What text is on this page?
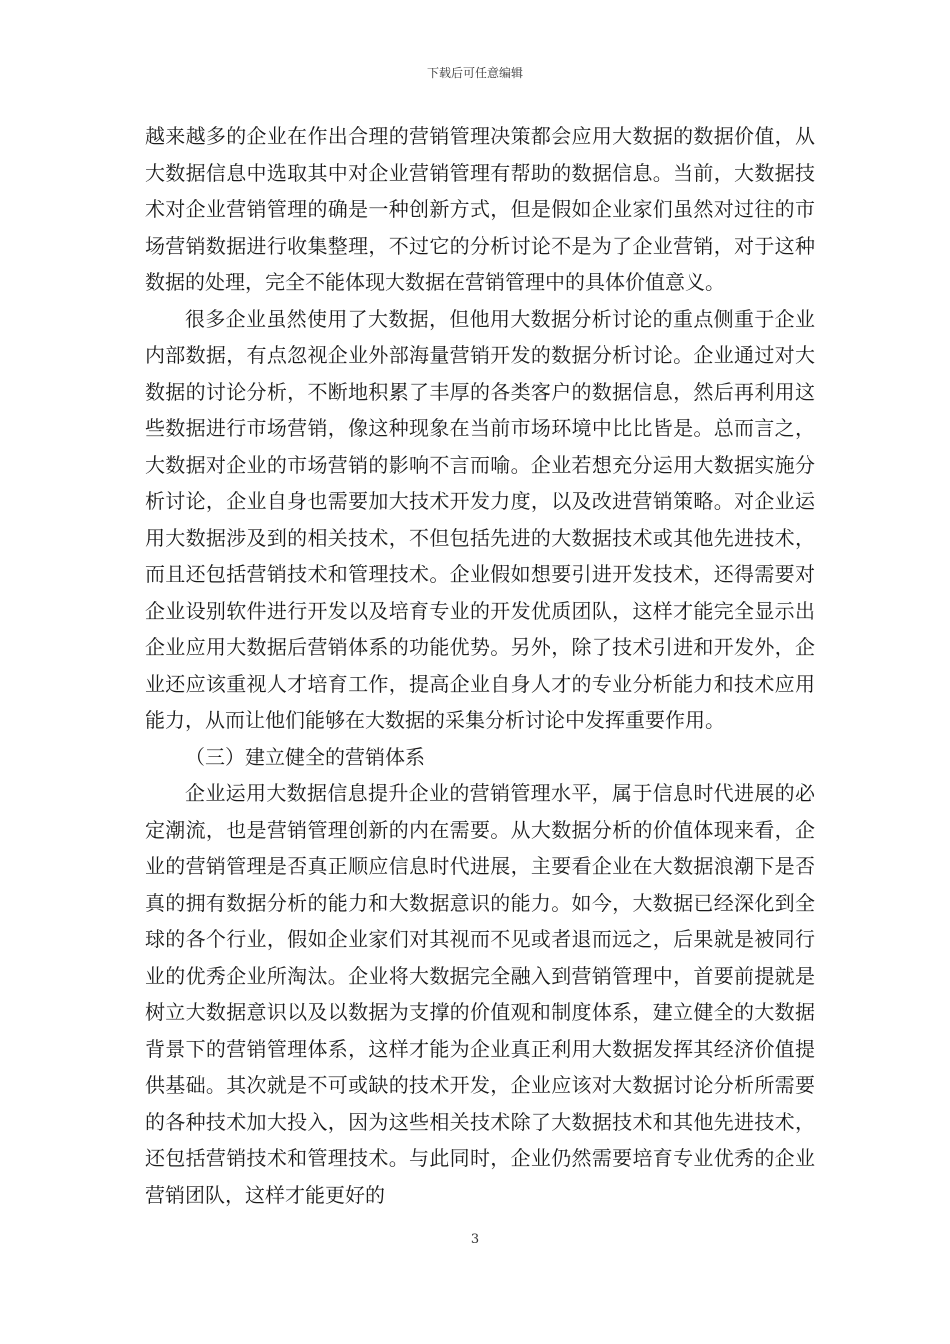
下载后可任意编辑

越来越多的企业在作出合理的营销管理决策都会应用大数据的数据价值，从大数据信息中选取其中对企业营销管理有帮助的数据信息。当前，大数据技术对企业营销管理的确是一种创新方式，但是假如企业家们虽然对过往的市场营销数据进行收集整理，不过它的分析讨论不是为了企业营销，对于这种数据的处理，完全不能体现大数据在营销管理中的具体价值意义。

很多企业虽然使用了大数据，但他用大数据分析讨论的重点侧重于企业内部数据，有点忽视企业外部海量营销开发的数据分析讨论。企业通过对大数据的讨论分析，不断地积累了丰厚的各类客户的数据信息，然后再利用这些数据进行市场营销，像这种现象在当前市场环境中比比皆是。总而言之，大数据对企业的市场营销的影响不言而喻。企业若想充分运用大数据实施分析讨论，企业自身也需要加大技术开发力度，以及改进营销策略。对企业运用大数据涉及到的相关技术，不但包括先进的大数据技术或其他先进技术，而且还包括营销技术和管理技术。企业假如想要引进开发技术，还得需要对企业设别软件进行开发以及培育专业的开发优质团队，这样才能完全显示出企业应用大数据后营销体系的功能优势。另外，除了技术引进和开发外，企业还应该重视人才培育工作，提高企业自身人才的专业分析能力和技术应用能力，从而让他们能够在大数据的采集分析讨论中发挥重要作用。

（三）建立健全的营销体系

企业运用大数据信息提升企业的营销管理水平，属于信息时代进展的必定潮流，也是营销管理创新的内在需要。从大数据分析的价值体现来看，企业的营销管理是否真正顺应信息时代进展，主要看企业在大数据浪潮下是否真的拥有数据分析的能力和大数据意识的能力。如今，大数据已经深化到全球的各个行业，假如企业家们对其视而不见或者退而远之，后果就是被同行业的优秀企业所淘汰。企业将大数据完全融入到营销管理中，首要前提就是树立大数据意识以及以数据为支撑的价值观和制度体系，建立健全的大数据背景下的营销管理体系，这样才能为企业真正利用大数据发挥其经济价值提供基础。其次就是不可或缺的技术开发，企业应该对大数据讨论分析所需要的各种技术加大投入，因为这些相关技术除了大数据技术和其他先进技术，还包括营销技术和管理技术。与此同时，企业仍然需要培育专业优秀的企业营销团队，这样才能更好的

3
